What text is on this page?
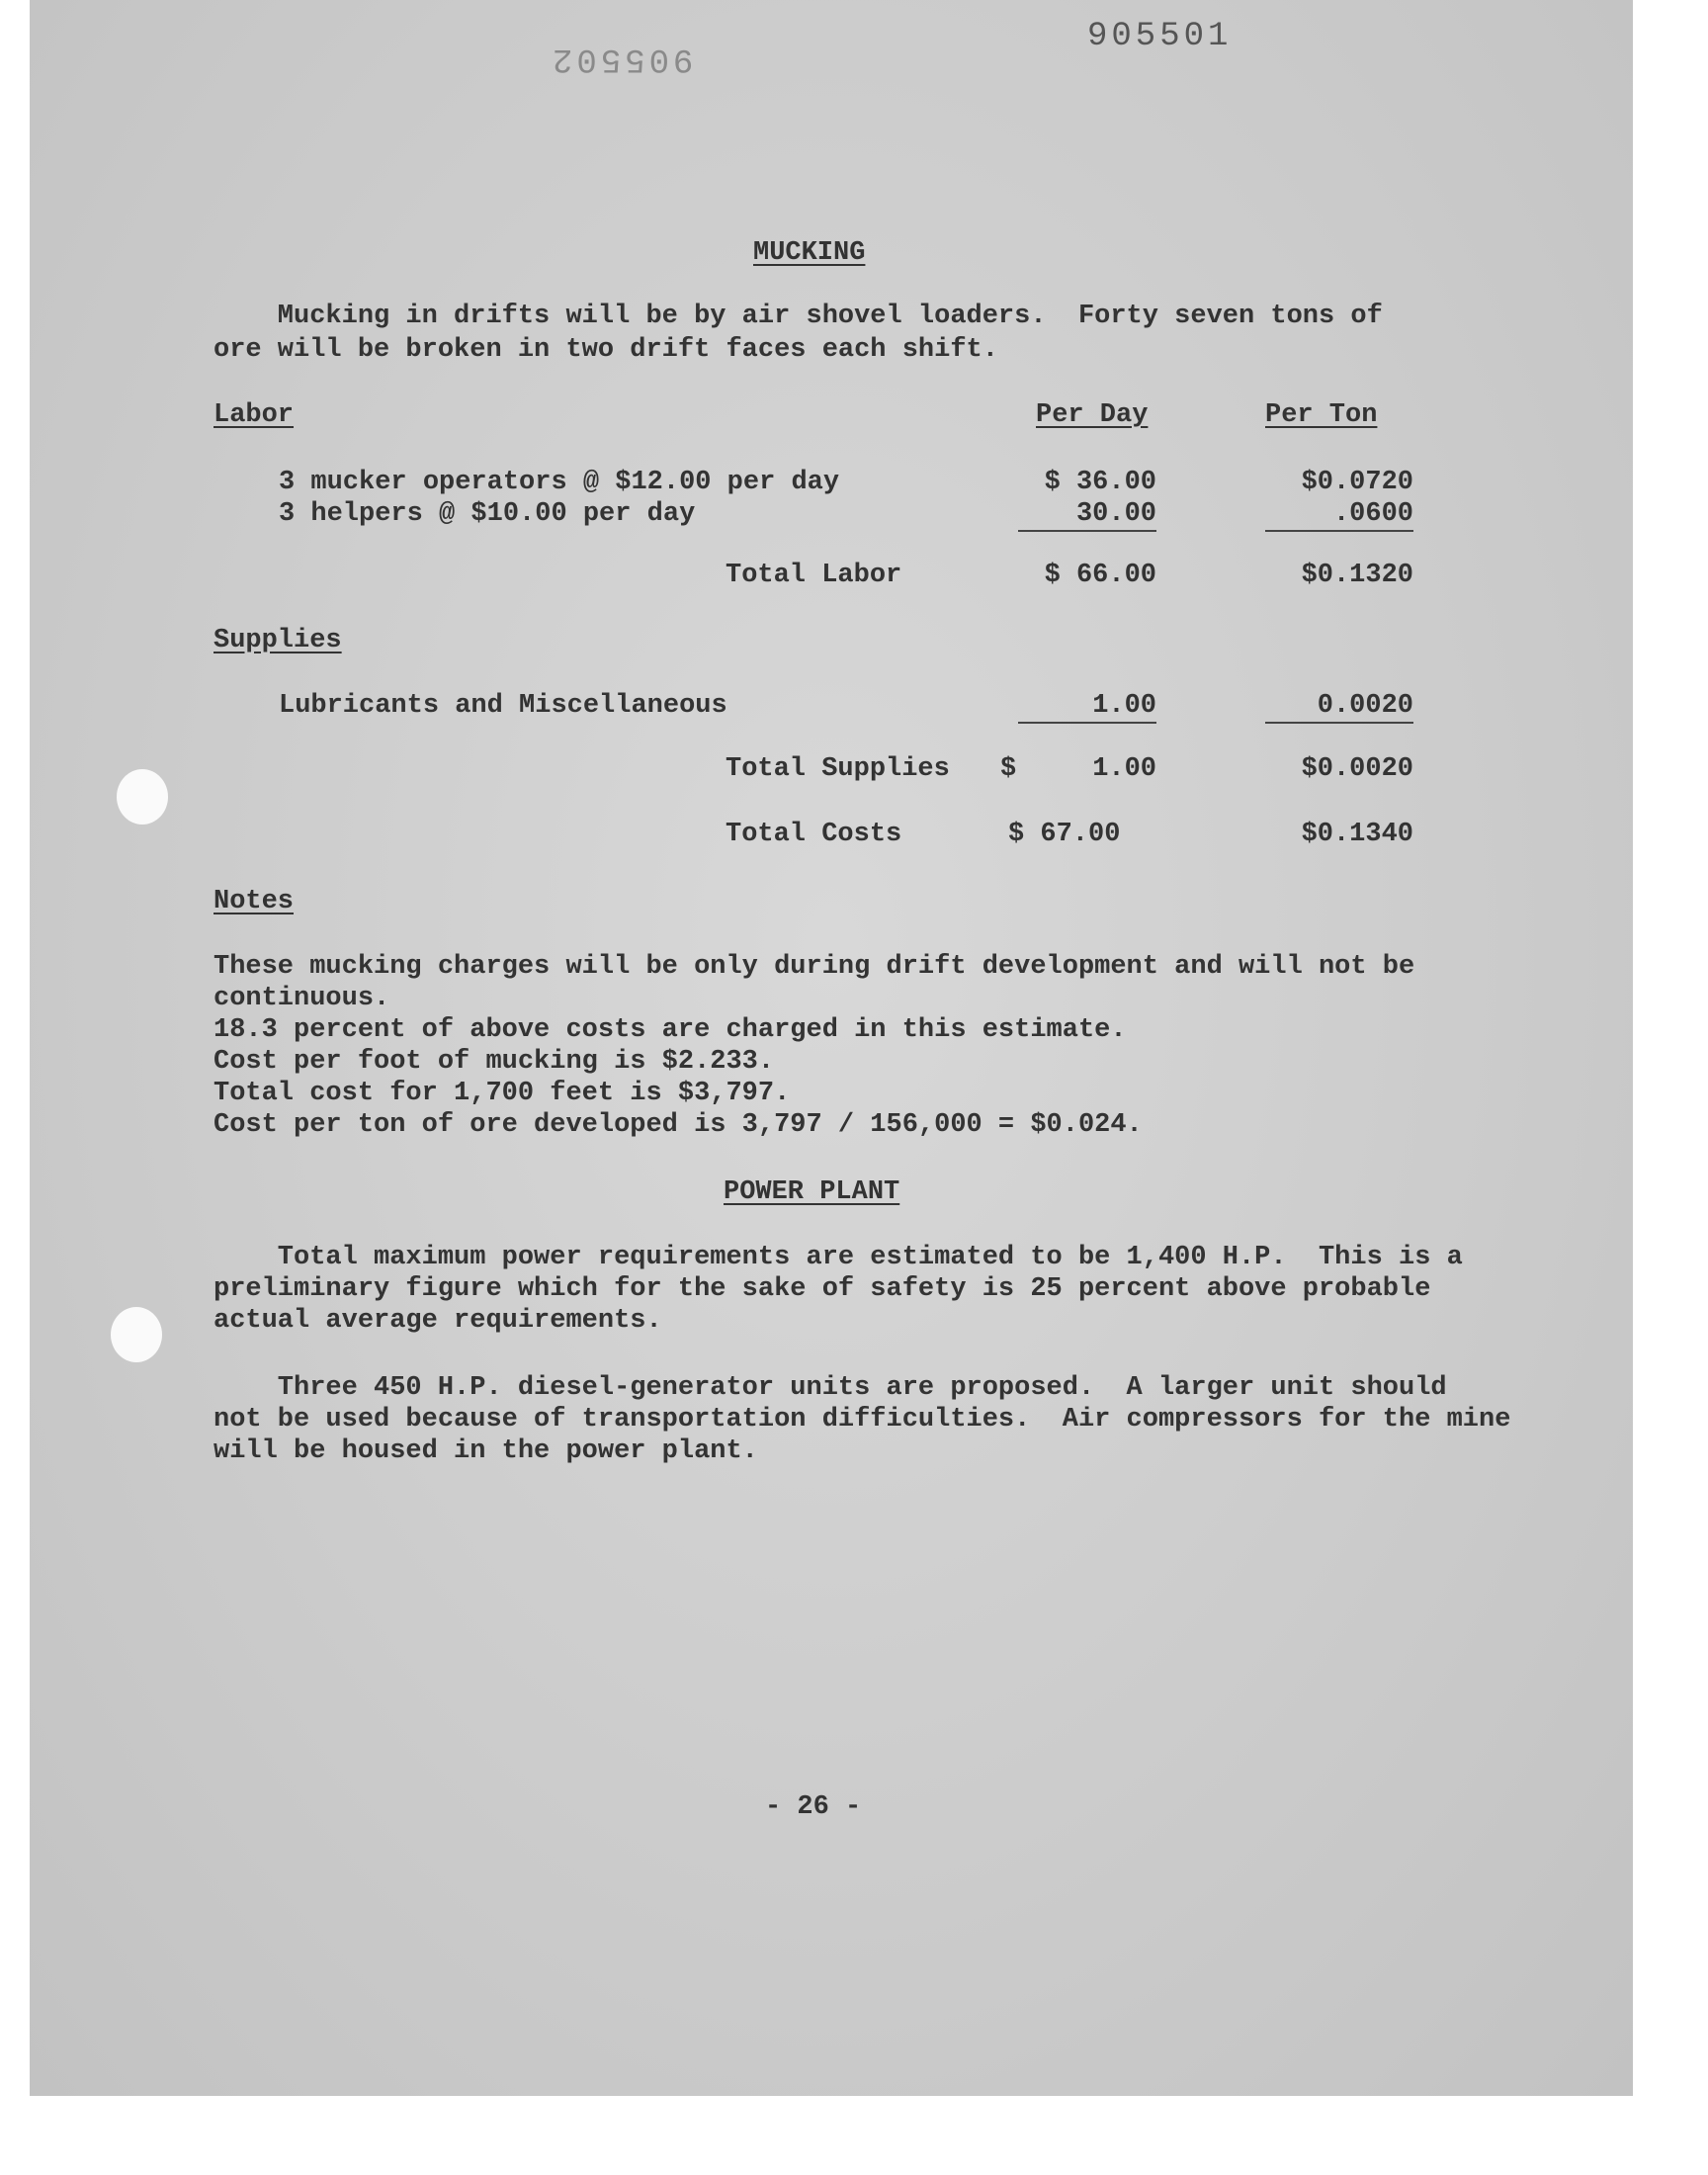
905501
905502
MUCKING
Mucking in drifts will be by air shovel loaders.  Forty seven tons of
ore will be broken in two drift faces each shift.
Labor	Per Day	Per Ton
3 mucker operators @ $12.00 per day	$ 36.00	$0.0720
3 helpers @ $10.00 per day	30.00	.0600
Total Labor	$ 66.00	$0.1320
Supplies
Lubricants and Miscellaneous	1.00	0.0020
Total Supplies $	1.00	$0.0020
Total Costs	$ 67.00	$0.1340
Notes
These mucking charges will be only during drift development and will not be
continuous.
18.3 percent of above costs are charged in this estimate.
Cost per foot of mucking is $2.233.
Total cost for 1,700 feet is $3,797.
Cost per ton of ore developed is 3,797 / 156,000 = $0.024.
POWER PLANT
Total maximum power requirements are estimated to be 1,400 H.P.  This is a
preliminary figure which for the sake of safety is 25 percent above probable
actual average requirements.
Three 450 H.P. diesel-generator units are proposed.  A larger unit should
not be used because of transportation difficulties.  Air compressors for the mine
will be housed in the power plant.
- 26 -
